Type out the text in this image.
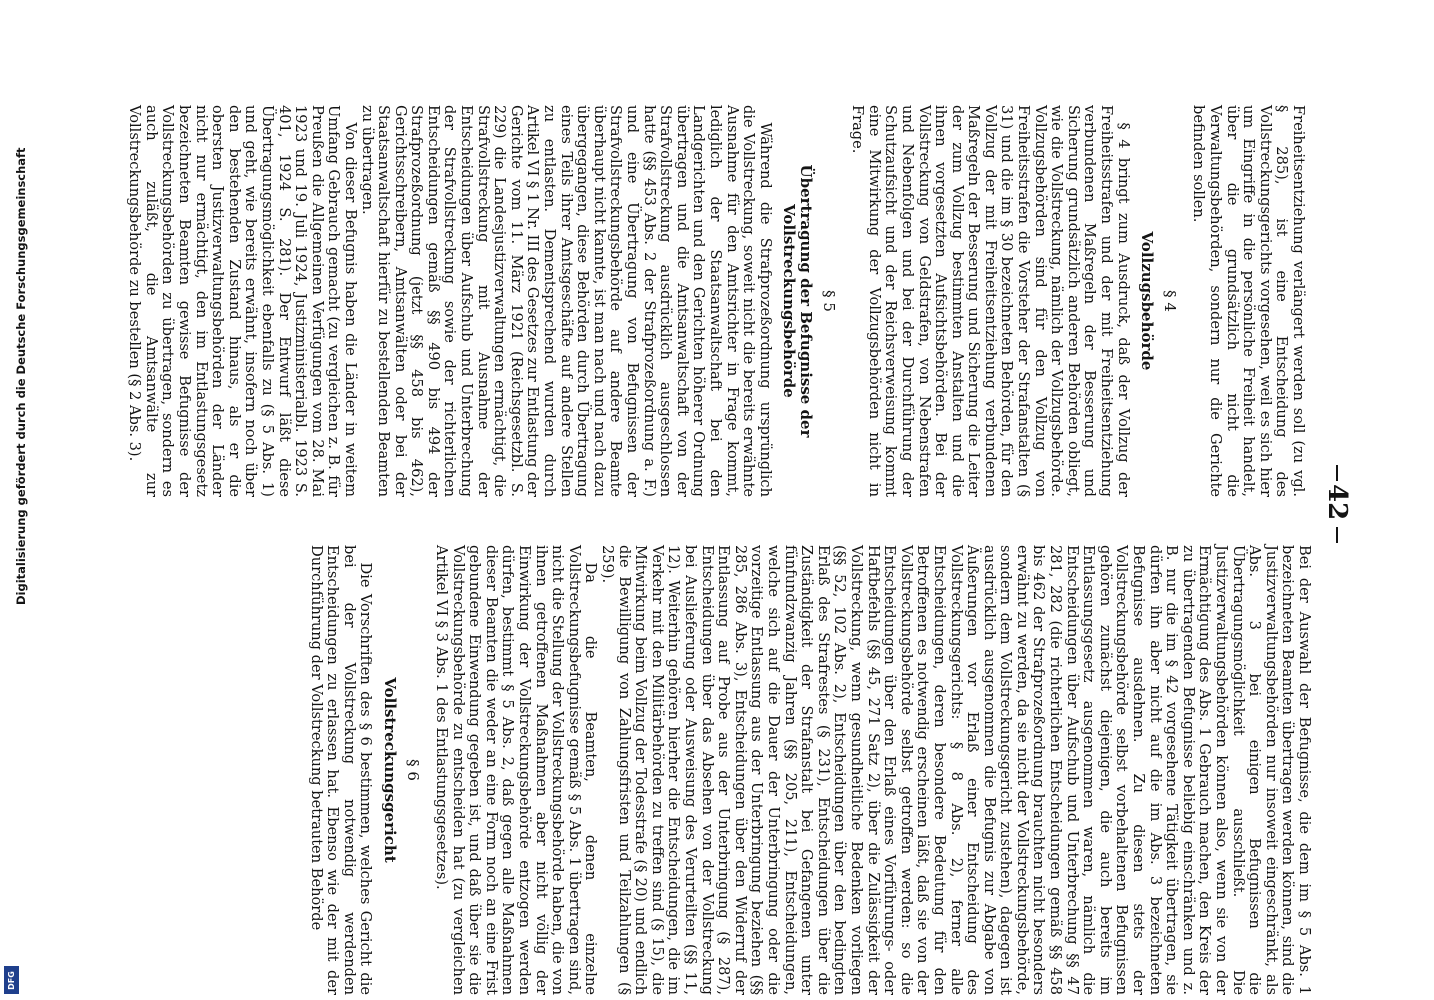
42

Bei der Auswahl der Befugnisse, die dem im § 5 Abs. 1 bezeichneten Beamten übertragen werden können, sind die Justizverwaltungsbehörden nur insoweit eingeschränkt, als Abs. 3 bei einigen Befugnissen die Übertragungsmöglichkeit ausschließt. Die Justizverwaltungsbehörden können also, wenn sie von der Ermächtigung des Abs. 1 Gebrauch machen, den Kreis der zu übertragenden Befugnisse beliebig einschränken und z. B. nur die im § 42 vorgesehene Tätigkeit übertragen, sie dürfen ihn aber nicht auf die im Abs. 3 bezeichneten Befugnisse ausdehnen. Zu diesen stets der Vollstreckungsbehörde selbst vorbehaltenen Befugnissen gehören zunächst diejenigen, die auch bereits im Entlassungsgesetz ausgenommen waren, nämlich die Entscheidungen über Aufschub und Unterbrechung §§ 47 281, 282 (die richterlichen Entscheidungen gemäß §§ 458 bis 462 der Strafprozeßordnung brauchten nicht besonders erwähnt zu werden, da sie nicht der Vollstreckungsbehörde, sondern dem Vollstreckungsgericht zustehen), dagegen ist ausdrücklich ausgenommen die Befugnis zur Abgabe von Äußerungen vor Erlaß einer Entscheidung des Vollstreckungsgerichts: § 8 Abs. 2), ferner alle Entscheidungen, deren besondere Bedeutung für den Betroffenen es notwendig erscheinen läßt, daß sie von der Vollstreckungsbehörde selbst getroffen werden: so die Entscheidungen über den Erlaß eines Vorführungs- oder Haftbefehls (§§ 45, 271 Satz 2), über die Zulässigkeit der Vollstreckung, wenn gesundheitliche Bedenken vorliegen (§§ 52, 102 Abs. 2), Entscheidungen über den bedingten Erlaß des Strafrestes (§ 231), Entscheidungen über die Zuständigkeit der Strafanstalt bei Gefangenen unter fünfundzwanzig Jahren (§§ 205, 211), Entscheidungen, welche sich auf die Dauer der Unterbringung oder die vorzeitige Entlassung aus der Unterbringung beziehen (§§ 285, 286 Abs. 3), Entscheidungen über den Widerruf der Entlassung auf Probe aus der Unterbringung (§ 287), Entscheidungen über das Absehen von der Vollstreckung bei Auslieferung oder Ausweisung des Verurteilten (§§ 11, 12). Weiterhin gehören hierher die Entscheidungen, die im Verkehr mit den Militärbehörden zu treffen sind (§ 15), die Mitwirkung beim Vollzug der Todesstrafe (§ 20) und endlich die Bewilligung von Zahlungsfristen und Teilzahlungen (§ 259).

Da die Beamten, denen einzelne Vollstreckungsbefugnisse gemäß § 5 Abs. 1 übertragen sind, nicht die Stellung der Vollstreckungsbehörde haben, die von ihnen getroffenen Maßnahmen aber nicht völlig der Einwirkung der Vollstreckungsbehörde entzogen werden dürfen, bestimmt § 5 Abs. 2, daß gegen alle Maßnahmen dieser Beamten die weder an eine Form noch an eine Frist gebundene Einwendung gegeben ist, und daß über sie die Vollstreckungsbehörde zu entscheiden hat (zu vergleichen Artikel VI § 3 Abs. 1 des Entlastungsgesetzes).

§ 6
Vollstreckungsgericht

Die Vorschriften des § 6 bestimmen, welches Gericht die bei der Vollstreckung notwendig werdenden Entscheidungen zu erlassen hat. Ebenso wie der mit der Durchführung der Vollstreckung betrauten Behörde

Freiheitsentziehung verlängert werden soll (zu vgl. § 285), ist eine Entscheidung des Vollstreckungsgerichts vorgesehen, weil es sich hier um Eingriffe in die persönliche Freiheit handelt, über die grundsätzlich nicht die Verwaltungsbehörden, sondern nur die Gerichte befinden sollen.

§ 4
Vollzugsbehörde

§ 4 bringt zum Ausdruck, daß der Vollzug der Freiheitsstrafen und der mit Freiheitsentziehung verbundenen Maßregeln der Besserung und Sicherung grundsätzlich anderen Behörden obliegt, wie die Vollstreckung, nämlich der Vollzugsbehörde. Vollzugsbehörden sind für den Vollzug von Freiheitsstrafen die Vorsteher der Strafanstalten (§ 31) und die im § 30 bezeichneten Behörden, für den Vollzug der mit Freiheitsentziehung verbundenen Maßregeln der Besserung und Sicherung die Leiter der zum Vollzug bestimmten Anstalten und die ihnen vorgesetzten Aufsichtsbehörden. Bei der Vollstreckung von Geldstrafen, von Nebenstrafen und Nebenfolgen und bei der Durchführung der Schutzaufsicht und der Reichsverweisung kommt eine Mitwirkung der Vollzugsbehörden nicht in Frage.

§ 5
Übertragung der Befugnisse der Vollstreckungsbehörde

Während die Strafprozeßordnung ursprünglich die Vollstreckung, soweit nicht die bereits erwähnte Ausnahme für den Amtsrichter in Frage kommt, lediglich der Staatsanwaltschaft bei den Landgerichten und den Gerichten höherer Ordnung übertragen und die Amtsanwaltschaft von der Strafvollstreckung ausdrücklich ausgeschlossen hatte (§§ 453 Abs. 2 der Strafprozeßordnung a. F.) und eine Übertragung von Befugnissen der Strafvollstreckungsbehörde auf andere Beamte überhaupt nicht kannte, ist man nach und nach dazu übergegangen, diese Behörden durch Übertragung eines Teils ihrer Amtsgeschäfte auf andere Stellen zu entlasten. Dementsprechend wurden durch Artikel VI § 1 Nr. III des Gesetzes zur Entlastung der Gerichte vom 11. März 1921 (Reichsgesetzbl. S. 229) die Landesjustizverwaltungen ermächtigt, die Strafvollstreckung mit Ausnahme der Entscheidungen über Aufschub und Unterbrechung der Strafvollstreckung sowie der richterlichen Entscheidungen gemäß §§ 490 bis 494 der Strafprozeßordnung (jetzt §§ 458 bis 462), Gerichtsschreibern, Amtsanwälten oder bei der Staatsanwaltschaft hierfür zu bestellenden Beamten zu übertragen.

Von dieser Befugnis haben die Länder in weitem Umfang Gebrauch gemacht (zu vergleichen z. B. für Preußen die Allgemeinen Verfügungen vom 28. Mai 1923 und 19. Juli 1924, Justizministerialbl. 1923 S. 401, 1924 S. 281). Der Entwurf läßt diese Übertragungsmöglichkeit ebenfalls zu (§ 5 Abs. 1) und geht, wie bereits erwähnt, insofern noch über den bestehenden Zustand hinaus, als er die obersten Justizverwaltungsbehörden der Länder nicht nur ermächtigt, den im Entlastungsgesetz bezeichneten Beamten gewisse Befugnisse der Vollstreckungsbehörden zu übertragen, sondern es auch zuläßt, die Amtsanwälte zur Vollstreckungsbehörde zu bestellen (§ 2 Abs. 3).

Digitalisierung gefördert durch die Deutsche Forschungsgemeinschaft
DFG
